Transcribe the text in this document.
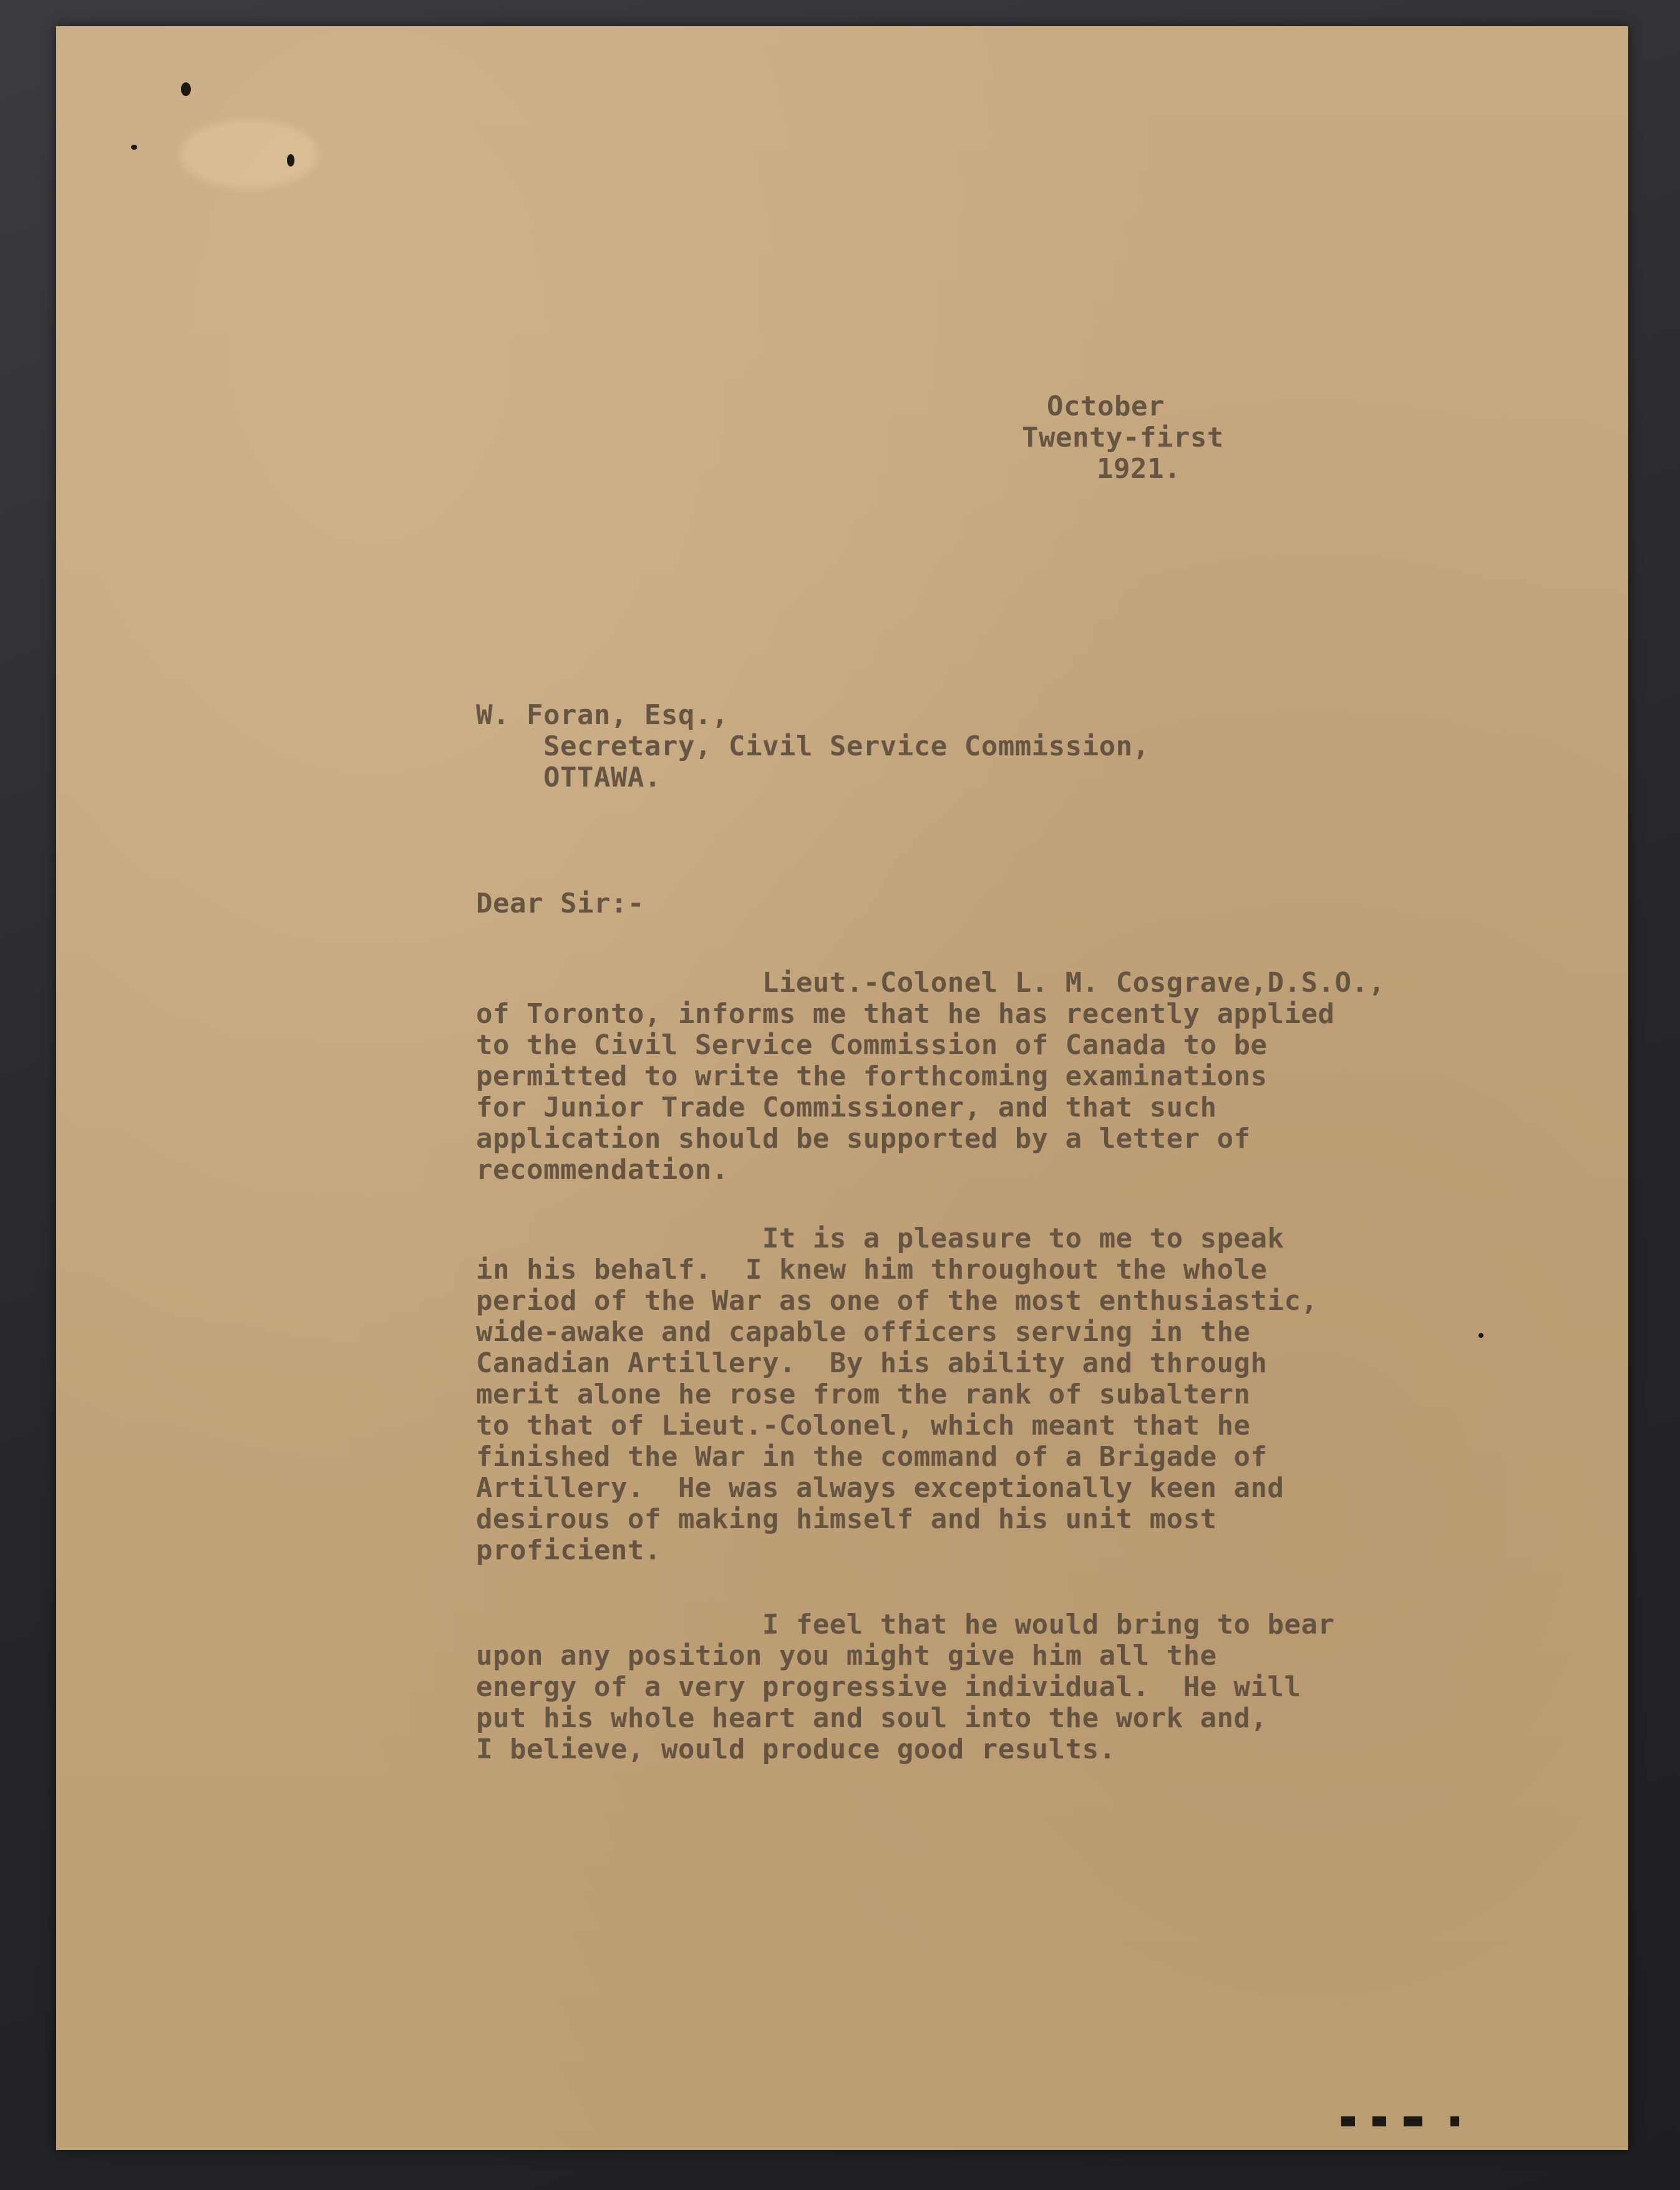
October
Twenty-first
1921.
W. Foran, Esq.,
Secretary, Civil Service Commission,
OTTAWA.
Dear Sir:-
Lieut.-Colonel L. M. Cosgrave,D.S.O.,
of Toronto, informs me that he has recently applied
to the Civil Service Commission of Canada to be
permitted to write the forthcoming examinations
for Junior Trade Commissioner, and that such
application should be supported by a letter of
recommendation.
It is a pleasure to me to speak
in his behalf.  I knew him throughout the whole
period of the War as one of the most enthusiastic,
wide-awake and capable officers serving in the
Canadian Artillery.  By his ability and through
merit alone he rose from the rank of subaltern
to that of Lieut.-Colonel, which meant that he
finished the War in the command of a Brigade of
Artillery.  He was always exceptionally keen and
desirous of making himself and his unit most
proficient.
I feel that he would bring to bear
upon any position you might give him all the
energy of a very progressive individual.  He will
put his whole heart and soul into the work and,
I believe, would produce good results.
